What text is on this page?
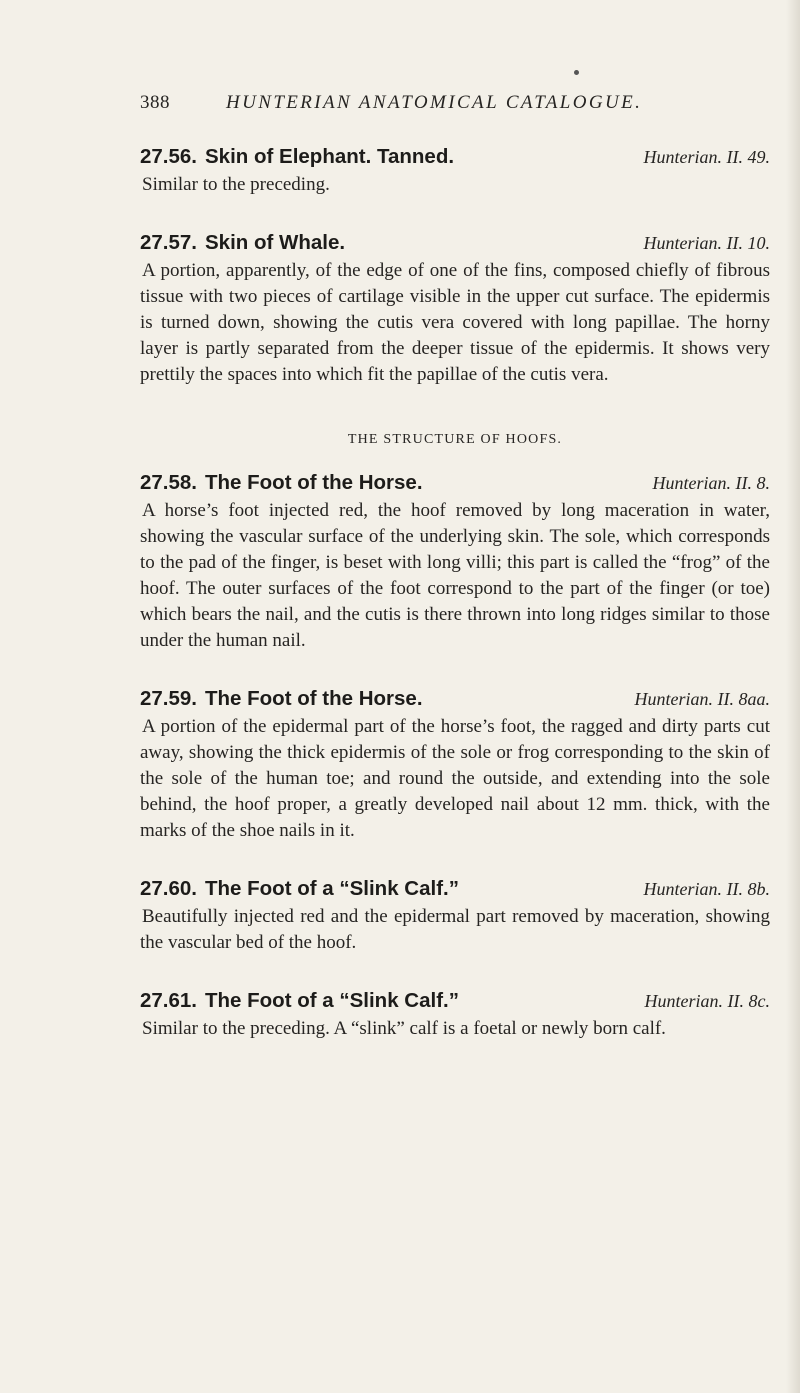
388	HUNTERIAN ANATOMICAL CATALOGUE.
27.56. Skin of Elephant. Tanned.	Hunterian. II. 49.

Similar to the preceding.

27.57. Skin of Whale.	Hunterian. II. 10.

A portion, apparently, of the edge of one of the fins, composed chiefly of fibrous tissue with two pieces of cartilage visible in the upper cut surface. The epidermis is turned down, showing the cutis vera covered with long papillae. The horny layer is partly separated from the deeper tissue of the epidermis. It shows very prettily the spaces into which fit the papillae of the cutis vera.

THE STRUCTURE OF HOOFS.
27.58. The Foot of the Horse.	Hunterian. II. 8.

A horse’s foot injected red, the hoof removed by long maceration in water, showing the vascular surface of the underlying skin. The sole, which corresponds to the pad of the finger, is beset with long villi; this part is called the “frog” of the hoof. The outer surfaces of the foot correspond to the part of the finger (or toe) which bears the nail, and the cutis is there thrown into long ridges similar to those under the human nail.

27.59. The Foot of the Horse.	Hunterian. II. 8aa.

A portion of the epidermal part of the horse’s foot, the ragged and dirty parts cut away, showing the thick epidermis of the sole or frog corresponding to the skin of the sole of the human toe; and round the outside, and extending into the sole behind, the hoof proper, a greatly developed nail about 12 mm. thick, with the marks of the shoe nails in it.

27.60. The Foot of a “Slink Calf.”	Hunterian. II. 8b.

Beautifully injected red and the epidermal part removed by maceration, showing the vascular bed of the hoof.

27.61. The Foot of a “Slink Calf.”	Hunterian. II. 8c.

Similar to the preceding. A “slink” calf is a foetal or newly born calf.
